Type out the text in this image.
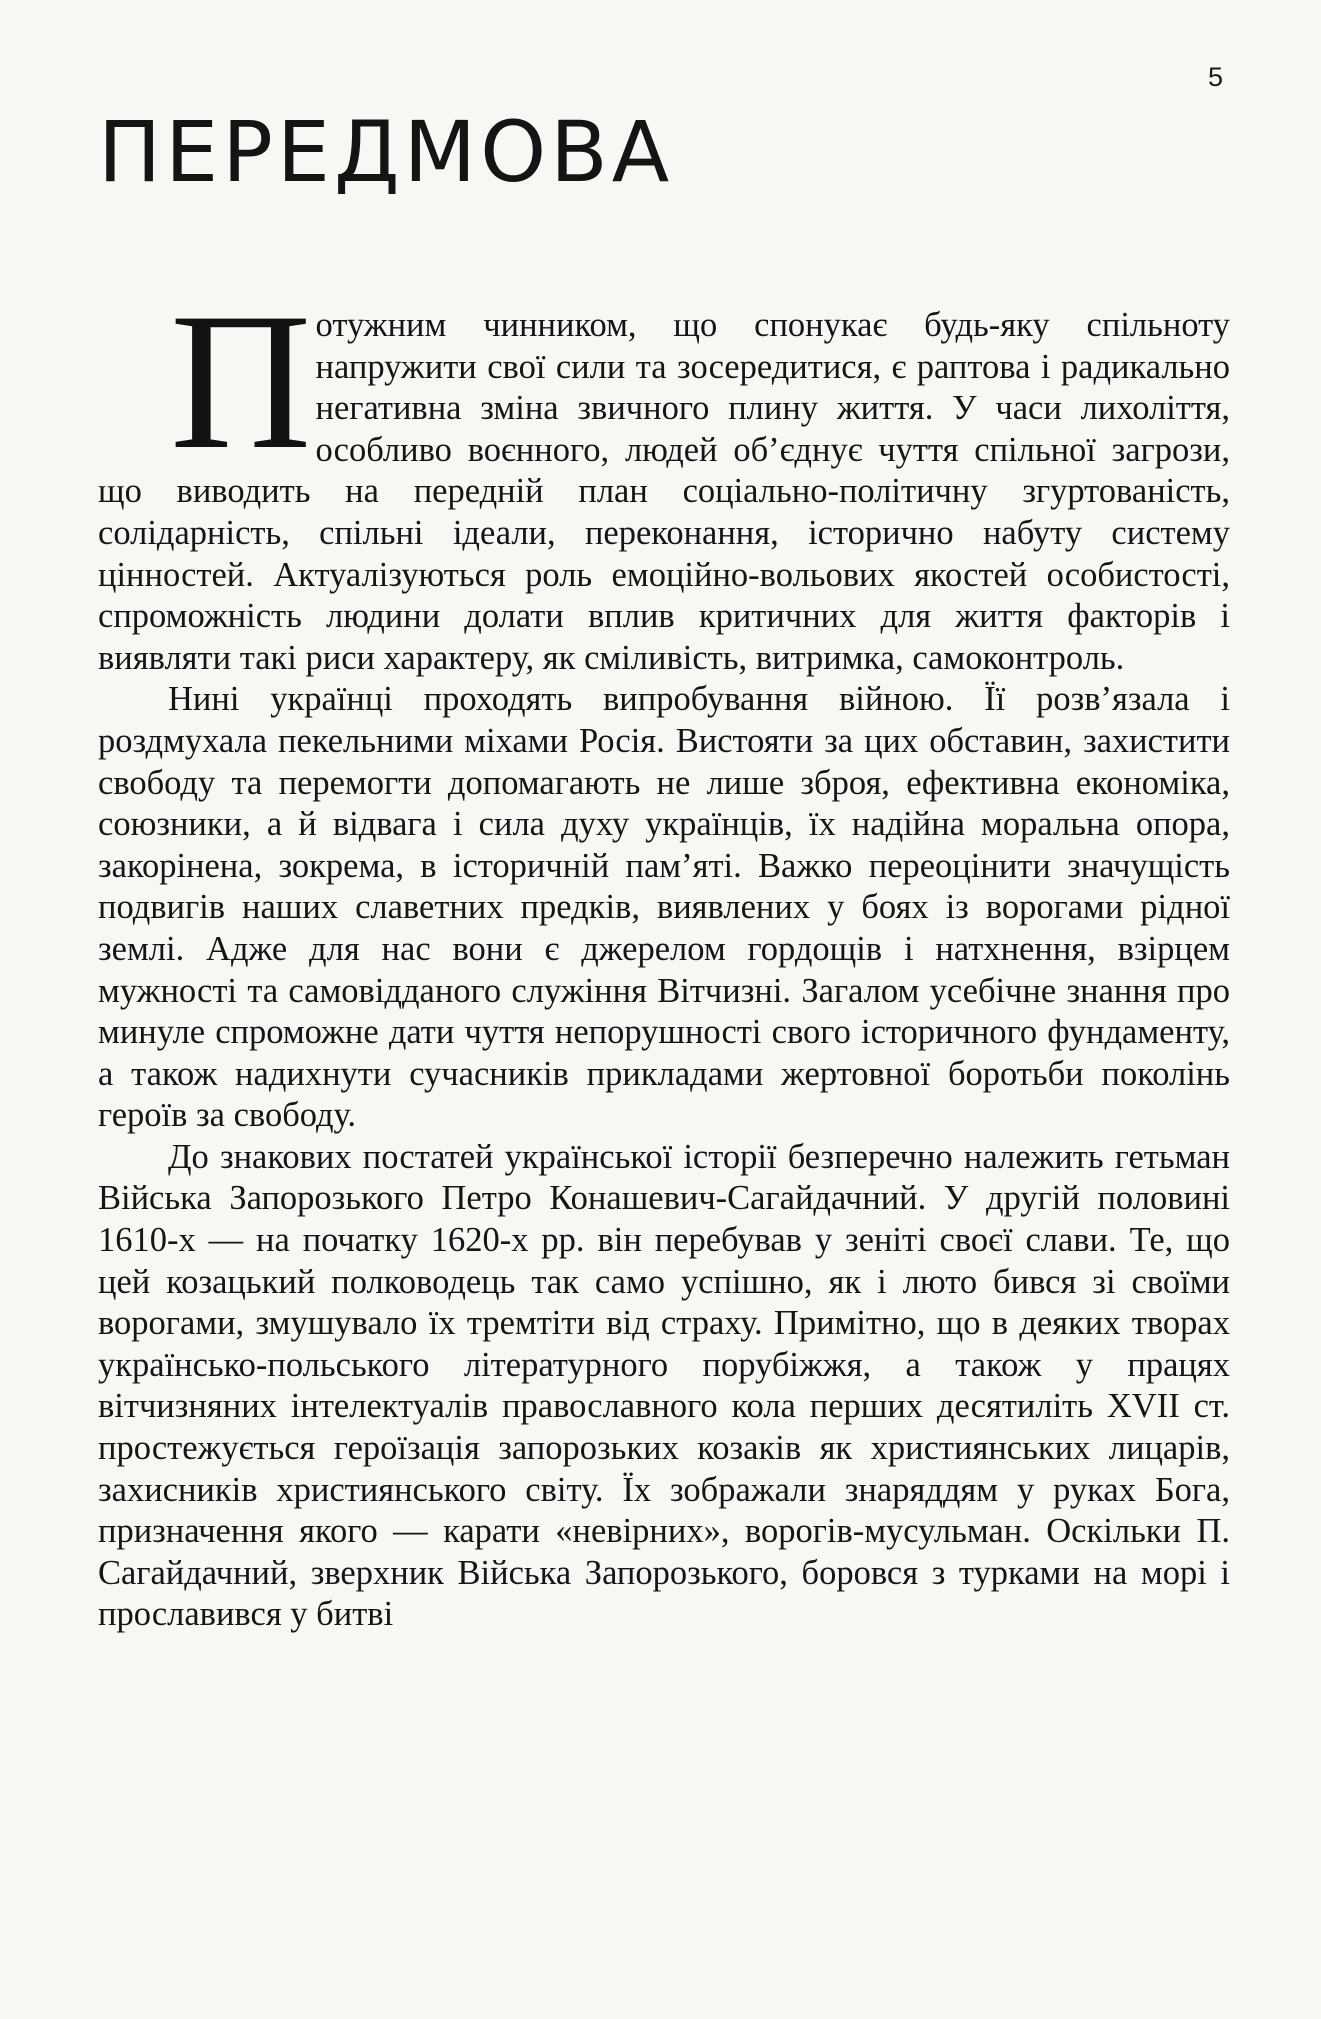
5
ПЕРЕДМОВА

Потужним чинником, що спонукає будь-яку спільноту напружити свої сили та зосередитися, є раптова і радикально негативна зміна звичного плину життя. У часи лихоліття, особливо воєнного, людей об’єднує чуття спільної загрози, що виводить на передній план соціально-політичну згуртованість, солідарність, спільні ідеали, переконання, історично набуту систему цінностей. Актуалізуються роль емоційно-вольових якостей особистості, спроможність людини долати вплив критичних для життя факторів і виявляти такі риси характеру, як сміливість, витримка, самоконтроль.

Нині українці проходять випробування війною. Її розв’язала і роздмухала пекельними міхами Росія. Вистояти за цих обставин, захистити свободу та перемогти допомагають не лише зброя, ефективна економіка, союзники, а й відвага і сила духу українців, їх надійна моральна опора, закорінена, зокрема, в історичній пам’яті. Важко переоцінити значущість подвигів наших славетних предків, виявлених у боях із ворогами рідної землі. Адже для нас вони є джерелом гордощів і натхнення, взірцем мужності та самовідданого служіння Вітчизні. Загалом усебічне знання про минуле спроможне дати чуття непорушності свого історичного фундаменту, а також надихнути сучасників прикладами жертовної боротьби поколінь героїв за свободу.

До знакових постатей української історії безперечно належить гетьман Війська Запорозького Петро Конашевич-Сагайдачний. У другій половині 1610-х — на початку 1620-х рр. він перебував у зеніті своєї слави. Те, що цей козацький полководець так само успішно, як і люто бився зі своїми ворогами, змушувало їх тремтіти від страху. Примітно, що в деяких творах українсько-польського літературного порубіжжя, а також у працях вітчизняних інтелектуалів православного кола перших десятиліть XVII ст. простежується героїзація запорозьких козаків як християнських лицарів, захисників християнського світу. Їх зображали знаряддям у руках Бога, призначення якого — карати «невірних», ворогів-мусульман. Оскільки П. Сагайдачний, зверхник Війська Запорозького, боровся з турками на морі і прославився у битві
